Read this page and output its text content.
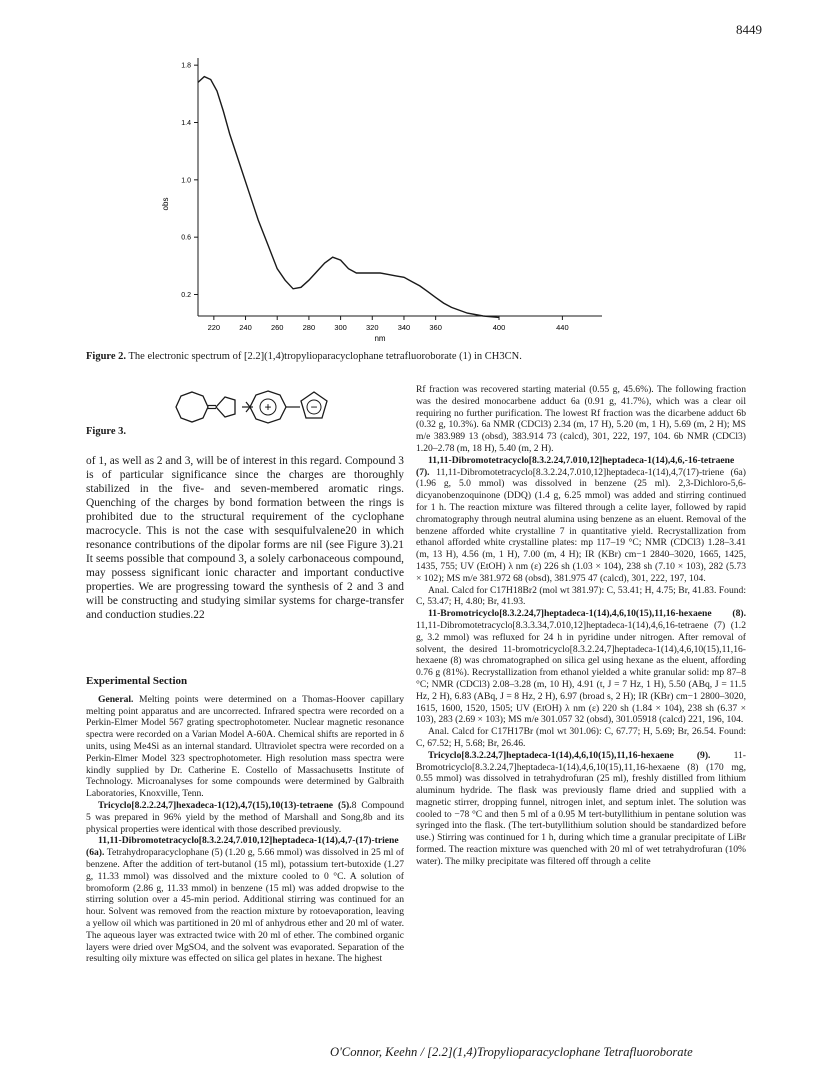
8449
220	240	260	280	300	320	340	360	400	440
0.2
0.6
1.0
1.4
1.8
obs
nm
Figure 2. The electronic spectrum of [2.2](1,4)tropylioparacyclophane tetrafluoroborate (1) in CH3CN.
+	−
Figure 3.

of 1, as well as 2 and 3, will be of interest in this regard. Compound 3 is of particular significance since the charges are thoroughly stabilized in the five- and seven-membered aromatic rings. Quenching of the charges by bond formation between the rings is prohibited due to the structural requirement of the cyclophane macrocycle. This is not the case with sesquifulvalene20 in which resonance contributions of the dipolar forms are nil (see Figure 3).21 It seems possible that compound 3, a solely carbonaceous compound, may possess significant ionic character and important conductive properties. We are progressing toward the synthesis of 2 and 3 and will be constructing and studying similar systems for charge-transfer and conduction studies.22

Experimental Section

General. Melting points were determined on a Thomas-Hoover capillary melting point apparatus and are uncorrected. Infrared spectra were recorded on a Perkin-Elmer Model 567 grating spectrophotometer. Nuclear magnetic resonance spectra were recorded on a Varian Model A-60A. Chemical shifts are reported in δ units, using Me4Si as an internal standard. Ultraviolet spectra were recorded on a Perkin-Elmer Model 323 spectrophotometer. High resolution mass spectra were kindly supplied by Dr. Catherine E. Costello of Massachusetts Institute of Technology. Microanalyses for some compounds were determined by Galbraith Laboratories, Knoxville, Tenn.

Tricyclo[8.2.2.24,7]hexadeca-1(12),4,7(15),10(13)-tetraene (5).8 Compound 5 was prepared in 96% yield by the method of Marshall and Song,8b and its physical properties were identical with those described previously.

11,11-Dibromotetracyclo[8.3.2.24,7.010,12]heptadeca-1(14),4,7-(17)-triene (6a). Tetrahydroparacyclophane (5) (1.20 g, 5.66 mmol) was dissolved in 25 ml of benzene. After the addition of tert-butanol (15 ml), potassium tert-butoxide (1.27 g, 11.33 mmol) was dissolved and the mixture cooled to 0 °C. A solution of bromoform (2.86 g, 11.33 mmol) in benzene (15 ml) was added dropwise to the stirring solution over a 45-min period. Additional stirring was continued for an hour. Solvent was removed from the reaction mixture by rotoevaporation, leaving a yellow oil which was partitioned in 20 ml of anhydrous ether and 20 ml of water. The aqueous layer was extracted twice with 20 ml of ether. The combined organic layers were dried over MgSO4, and the solvent was evaporated. Separation of the resulting oily mixture was effected on silica gel plates in hexane. The highest

Rf fraction was recovered starting material (0.55 g, 45.6%). The following fraction was the desired monocarbene adduct 6a (0.91 g, 41.7%), which was a clear oil requiring no further purification. The lowest Rf fraction was the dicarbene adduct 6b (0.32 g, 10.3%). 6a NMR (CDCl3) 2.34 (m, 17 H), 5.20 (m, 1 H), 5.69 (m, 2 H); MS m/e 383.989 13 (obsd), 383.914 73 (calcd), 301, 222, 197, 104. 6b NMR (CDCl3) 1.20–2.78 (m, 18 H), 5.40 (m, 2 H).

11,11-Dibromotetracyclo[8.3.2.24,7.010,12]heptadeca-1(14),4,6,-16-tetraene (7). 11,11-Dibromotetracyclo[8.3.2.24,7.010,12]heptadeca-1(14),4,7(17)-triene (6a) (1.96 g, 5.0 mmol) was dissolved in benzene (25 ml). 2,3-Dichloro-5,6-dicyanobenzoquinone (DDQ) (1.4 g, 6.25 mmol) was added and stirring continued for 1 h. The reaction mixture was filtered through a celite layer, followed by rapid chromatography through neutral alumina using benzene as an eluent. Removal of the benzene afforded white crystalline 7 in quantitative yield. Recrystallization from ethanol afforded white crystalline plates: mp 117–19 °C; NMR (CDCl3) 1.28–3.41 (m, 13 H), 4.56 (m, 1 H), 7.00 (m, 4 H); IR (KBr) cm−1 2840–3020, 1665, 1425, 1435, 755; UV (EtOH) λ nm (ε) 226 sh (1.03 × 104), 238 sh (7.10 × 103), 282 (5.73 × 102); MS m/e 381.972 68 (obsd), 381.975 47 (calcd), 301, 222, 197, 104.

Anal. Calcd for C17H18Br2 (mol wt 381.97): C, 53.41; H, 4.75; Br, 41.83. Found: C, 53.47; H, 4.80; Br, 41.93.

11-Bromotricyclo[8.3.2.24,7]heptadeca-1(14),4,6,10(15),11,16-hexaene (8). 11,11-Dibromotetracyclo[8.3.3.34,7.010,12]heptadeca-1(14),4,6,16-tetraene (7) (1.2 g, 3.2 mmol) was refluxed for 24 h in pyridine under nitrogen. After removal of solvent, the desired 11-bromotricyclo[8.3.2.24,7]heptadeca-1(14),4,6,10(15),11,16-hexaene (8) was chromatographed on silica gel using hexane as the eluent, affording 0.76 g (81%). Recrystallization from ethanol yielded a white granular solid: mp 87–8 °C; NMR (CDCl3) 2.08–3.28 (m, 10 H), 4.91 (t, J = 7 Hz, 1 H), 5.50 (ABq, J = 11.5 Hz, 2 H), 6.83 (ABq, J = 8 Hz, 2 H), 6.97 (broad s, 2 H); IR (KBr) cm−1 2800–3020, 1615, 1600, 1520, 1505; UV (EtOH) λ nm (ε) 220 sh (1.84 × 104), 238 sh (6.37 × 103), 283 (2.69 × 103); MS m/e 301.057 32 (obsd), 301.05918 (calcd) 221, 196, 104.

Anal. Calcd for C17H17Br (mol wt 301.06): C, 67.77; H, 5.69; Br, 26.54. Found: C, 67.52; H, 5.68; Br, 26.46.

Tricyclo[8.3.2.24,7]heptadeca-1(14),4,6,10(15),11,16-hexaene (9). 11-Bromotricyclo[8.3.2.24,7]heptadeca-1(14),4,6,10(15),11,16-hexaene (8) (170 mg, 0.55 mmol) was dissolved in tetrahydrofuran (25 ml), freshly distilled from lithium aluminum hydride. The flask was previously flame dried and supplied with a magnetic stirrer, dropping funnel, nitrogen inlet, and septum inlet. The solution was cooled to −78 °C and then 5 ml of a 0.95 M tert-butyllithium in pentane solution was syringed into the flask. (The tert-butyllithium solution should be standardized before use.) Stirring was continued for 1 h, during which time a granular precipitate of LiBr formed. The reaction mixture was quenched with 20 ml of wet tetrahydrofuran (10% water). The milky precipitate was filtered off through a celite

O'Connor, Keehn / [2.2](1,4)Tropylioparacyclophane Tetrafluoroborate
